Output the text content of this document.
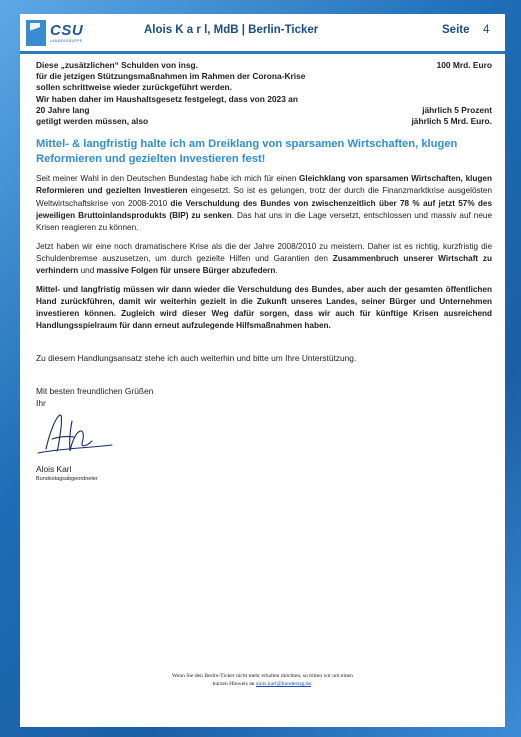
CSU
LANDESGRUPPE
Alois K a r l, MdB | Berlin-Ticker	Seite 4
Diese „zusätzlichen“ Schulden von insg.	100 Mrd. Euro
für die jetzigen Stützungsmaßnahmen im Rahmen der Corona-Krise
sollen schrittweise wieder zurückgeführt werden.
Wir haben daher im Haushaltsgesetz festgelegt, dass von 2023 an
20 Jahre lang	jährlich 5 Prozent
getilgt werden müssen, also	jährlich 5 Mrd. Euro.
Mittel- & langfristig halte ich am Dreiklang von sparsamen Wirtschaften, klugen Reformieren und gezielten Investieren fest!

Seit meiner Wahl in den Deutschen Bundestag habe ich mich für einen Gleichklang von sparsamen Wirtschaften, klugen Reformieren und gezielten Investieren eingesetzt. So ist es gelungen, trotz der durch die Finanzmarktkrise ausgelösten Weltwirtschaftskrise von 2008-2010 die Verschuldung des Bundes von zwischenzeitlich über 78 % auf jetzt 57% des jeweiligen Bruttoinlandsprodukts (BIP) zu senken. Das hat uns in die Lage versetzt, entschlossen und massiv auf neue Krisen reagieren zu können.

Jetzt haben wir eine noch dramatischere Krise als die der Jahre 2008/2010 zu meistern. Daher ist es richtig, kurzfristig die Schuldenbremse auszusetzen, um durch gezielte Hilfen und Garantien den Zusammenbruch unserer Wirtschaft zu verhindern und massive Folgen für unsere Bürger abzufedern.

Mittel- und langfristig müssen wir dann wieder die Verschuldung des Bundes, aber auch der gesamten öffentlichen Hand zurückführen, damit wir weiterhin gezielt in die Zukunft unseres Landes, seiner Bürger und Unternehmen investieren können. Zugleich wird dieser Weg dafür sorgen, dass wir auch für künftige Krisen ausreichend Handlungsspielraum für dann erneut aufzulegende Hilfsmaßnahmen haben.

Zu diesem Handlungsansatz stehe ich auch weiterhin und bitte um Ihre Unterstützung.
Mit besten freundlichen Grüßen
Ihr
Alois Karl
Bundestagsabgeordneter
Wenn Sie den Berlin-Ticker nicht mehr erhalten möchten, so bitten wir um einen
kurzen Hinweis an alois.karl@bundestag.de.
